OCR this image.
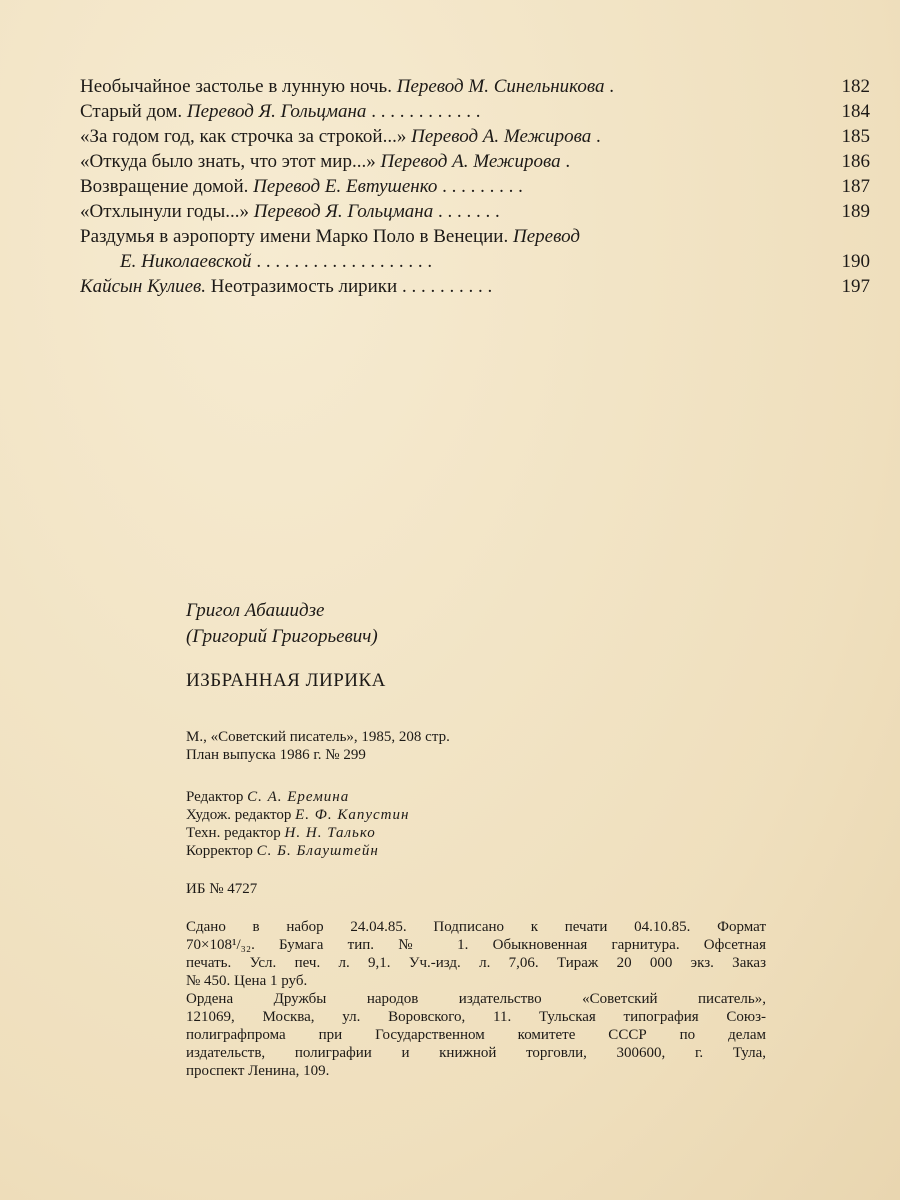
Необычайное застолье в лунную ночь. Перевод М. Синельникова .	182
Старый дом. Перевод Я. Гольцмана . . . . . . . . . . . .	184
«За годом год, как строчка за строкой...» Перевод А. Межирова .	185
«Откуда было знать, что этот мир...» Перевод А. Межирова .	186
Возвращение домой. Перевод Е. Евтушенко . . . . . . . . .	187
«Отхлынули годы...» Перевод Я. Гольцмана . . . . . . .	189
Раздумья в аэропорту имени Марко Поло в Венеции. Перевод
Е. Николаевской . . . . . . . . . . . . . . . . . . .	190
Кайсын Кулиев. Неотразимость лирики . . . . . . . . . .	197
Григол Абашидзе
(Григорий Григорьевич)
ИЗБРАННАЯ ЛИРИКА
М., «Советский писатель», 1985, 208 стр.
План выпуска 1986 г. № 299
Редактор С. А. Еремина
Худож. редактор Е. Ф. Капустин
Техн. редактор Н. Н. Талько
Корректор С. Б. Блауштейн
ИБ № 4727
Сдано в набор 24.04.85. Подписано к печати 04.10.85. Формат
70×108¹/₃₂. Бумага тип. № 1. Обыкновенная гарнитура. Офсетная
печать. Усл. печ. л. 9,1. Уч.-изд. л. 7,06. Тираж 20 000 экз. Заказ
№ 450. Цена 1 руб.
Ордена Дружбы народов издательство «Советский писатель»,
121069, Москва, ул. Воровского, 11. Тульская типография Союз-
полиграфпрома при Государственном комитете СССР по делам
издательств, полиграфии и книжной торговли, 300600, г. Тула,
проспект Ленина, 109.
